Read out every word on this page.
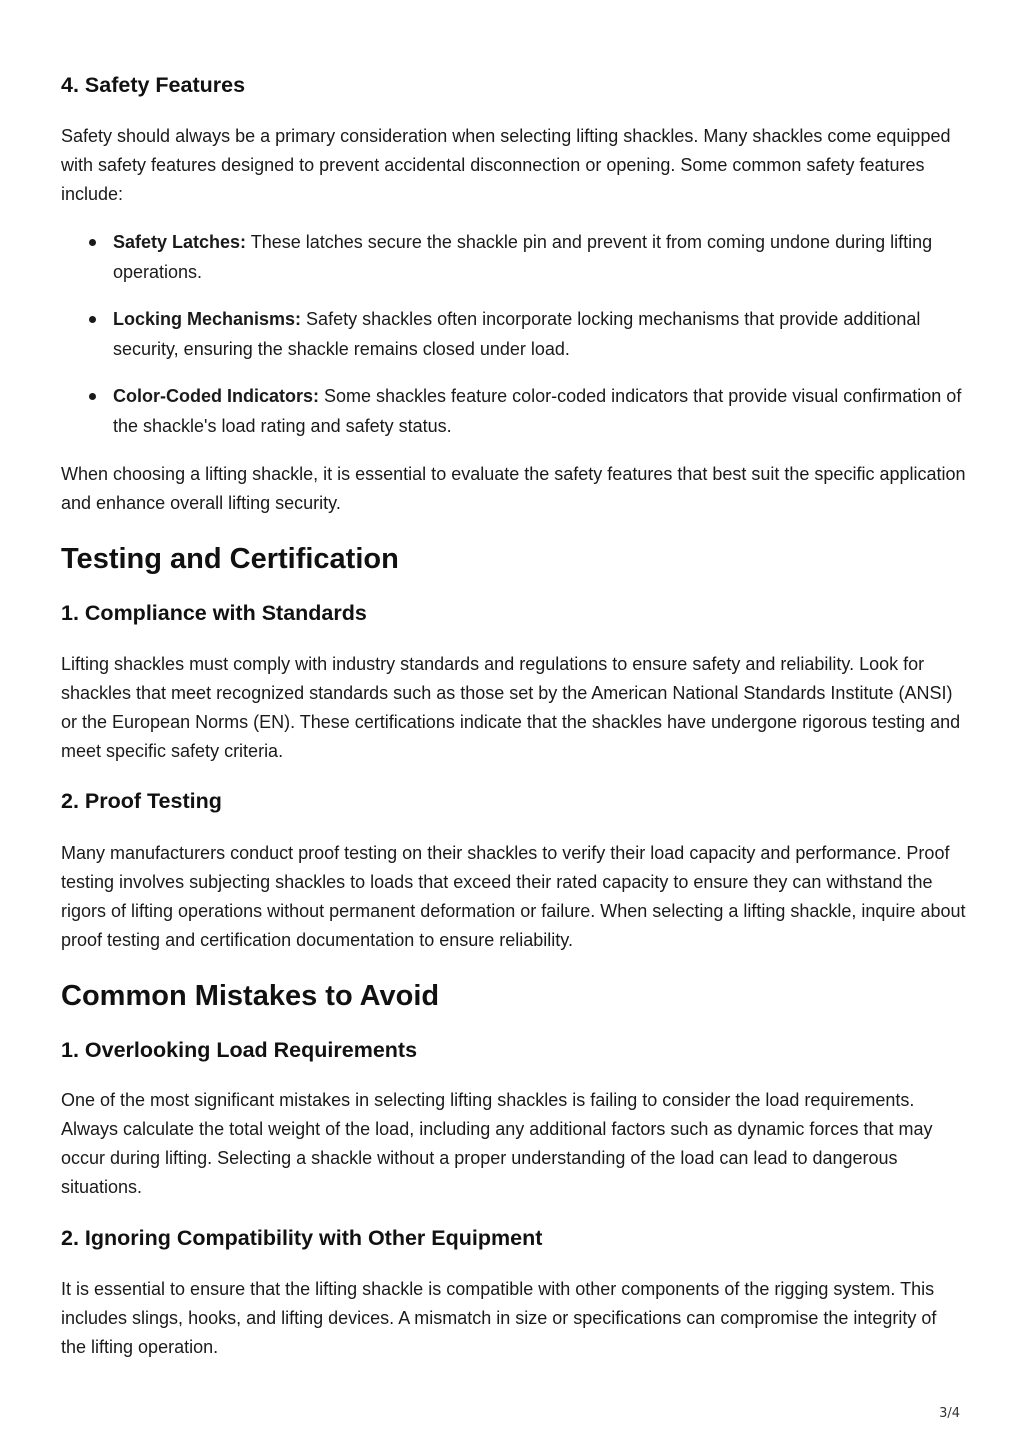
4. Safety Features

Safety should always be a primary consideration when selecting lifting shackles. Many shackles come equipped with safety features designed to prevent accidental disconnection or opening. Some common safety features include:

Safety Latches: These latches secure the shackle pin and prevent it from coming undone during lifting operations.
Locking Mechanisms: Safety shackles often incorporate locking mechanisms that provide additional security, ensuring the shackle remains closed under load.
Color-Coded Indicators: Some shackles feature color-coded indicators that provide visual confirmation of the shackle's load rating and safety status.

When choosing a lifting shackle, it is essential to evaluate the safety features that best suit the specific application and enhance overall lifting security.

Testing and Certification
1. Compliance with Standards

Lifting shackles must comply with industry standards and regulations to ensure safety and reliability. Look for shackles that meet recognized standards such as those set by the American National Standards Institute (ANSI) or the European Norms (EN). These certifications indicate that the shackles have undergone rigorous testing and meet specific safety criteria.

2. Proof Testing

Many manufacturers conduct proof testing on their shackles to verify their load capacity and performance. Proof testing involves subjecting shackles to loads that exceed their rated capacity to ensure they can withstand the rigors of lifting operations without permanent deformation or failure. When selecting a lifting shackle, inquire about proof testing and certification documentation to ensure reliability.

Common Mistakes to Avoid
1. Overlooking Load Requirements

One of the most significant mistakes in selecting lifting shackles is failing to consider the load requirements. Always calculate the total weight of the load, including any additional factors such as dynamic forces that may occur during lifting. Selecting a shackle without a proper understanding of the load can lead to dangerous situations.

2. Ignoring Compatibility with Other Equipment

It is essential to ensure that the lifting shackle is compatible with other components of the rigging system. This includes slings, hooks, and lifting devices. A mismatch in size or specifications can compromise the integrity of the lifting operation.

3/4
